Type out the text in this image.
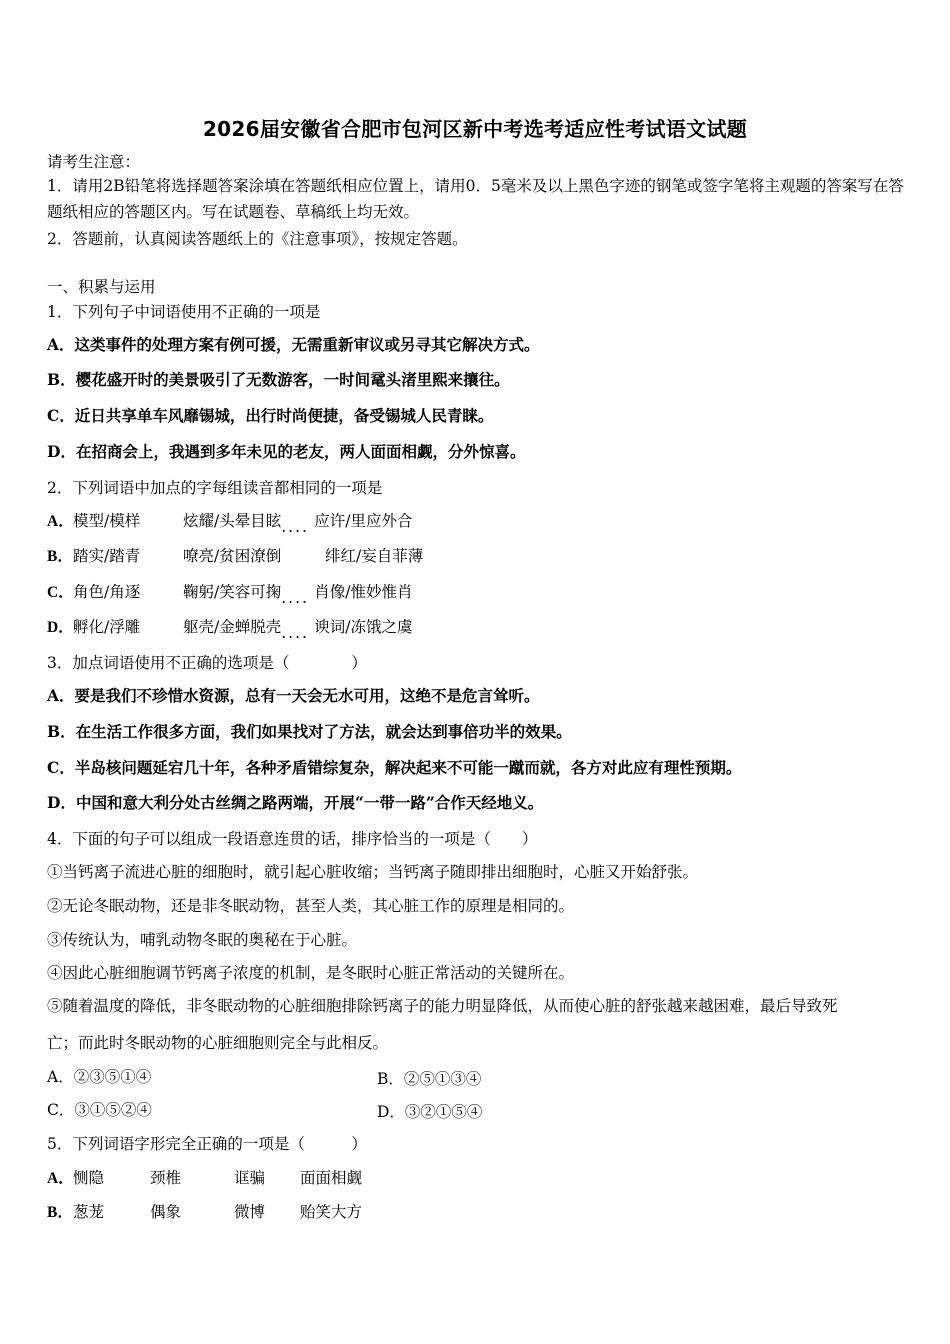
2026届安徽省合肥市包河区新中考选考适应性考试语文试题
请考生注意：
1．请用2B铅笔将选择题答案涂填在答题纸相应位置上，请用0．5毫米及以上黑色字迹的钢笔或签字笔将主观题的答案写在答题纸相应的答题区内。写在试题卷、草稿纸上均无效。
2．答题前，认真阅读答题纸上的《注意事项》，按规定答题。
一、积累与运用
1．下列句子中词语使用不正确的一项是
A．这类事件的处理方案有例可援，无需重新审议或另寻其它解决方式。
B．樱花盛开时的美景吸引了无数游客，一时间鼋头渚里熙来攘往。
C．近日共享单车风靡锡城，出行时尚便捷，备受锡城人民青睐。
D．在招商会上，我遇到多年未见的老友，两人面面相觑，分外惊喜。
2．下列词语中加点的字每组读音都相同的一项是
A．模型/模样	炫耀/头晕目眩.... 应许/里应外合
B．踏实/踏青	嘹亮/贫困潦倒	绯红/妄自菲薄
C．角色/角逐	鞠躬/笑容可掬.... 肖像/惟妙惟肖
D．孵化/浮雕	躯壳/金蝉脱壳.... 谀词/冻饿之虞
3．加点词语使用不正确的选项是（　　　　）
A．要是我们不珍惜水资源，总有一天会无水可用，这绝不是危言耸听。
B．在生活工作很多方面，我们如果找对了方法，就会达到事倍功半的效果。
C．半岛核问题延宕几十年，各种矛盾错综复杂，解决起来不可能一蹴而就，各方对此应有理性预期。
D．中国和意大利分处古丝绸之路两端，开展“一带一路”合作天经地义。
4．下面的句子可以组成一段语意连贯的话，排序恰当的一项是（　　）
①当钙离子流进心脏的细胞时，就引起心脏收缩；当钙离子随即排出细胞时，心脏又开始舒张。
②无论冬眠动物，还是非冬眠动物，甚至人类，其心脏工作的原理是相同的。
③传统认为，哺乳动物冬眠的奥秘在于心脏。
④因此心脏细胞调节钙离子浓度的机制，是冬眠时心脏正常活动的关键所在。
⑤随着温度的降低，非冬眠动物的心脏细胞排除钙离子的能力明显降低，从而使心脏的舒张越来越困难，最后导致死
亡；而此时冬眠动物的心脏细胞则完全与此相反。
A．②③⑤①④	B．②⑤①③④
C．③①⑤②④	D．③②①⑤④
5．下列词语字形完全正确的一项是（　　　）
A．恻隐	颈椎	诓骗 面面相觑
B．葱茏	偶象	微博 贻笑大方
